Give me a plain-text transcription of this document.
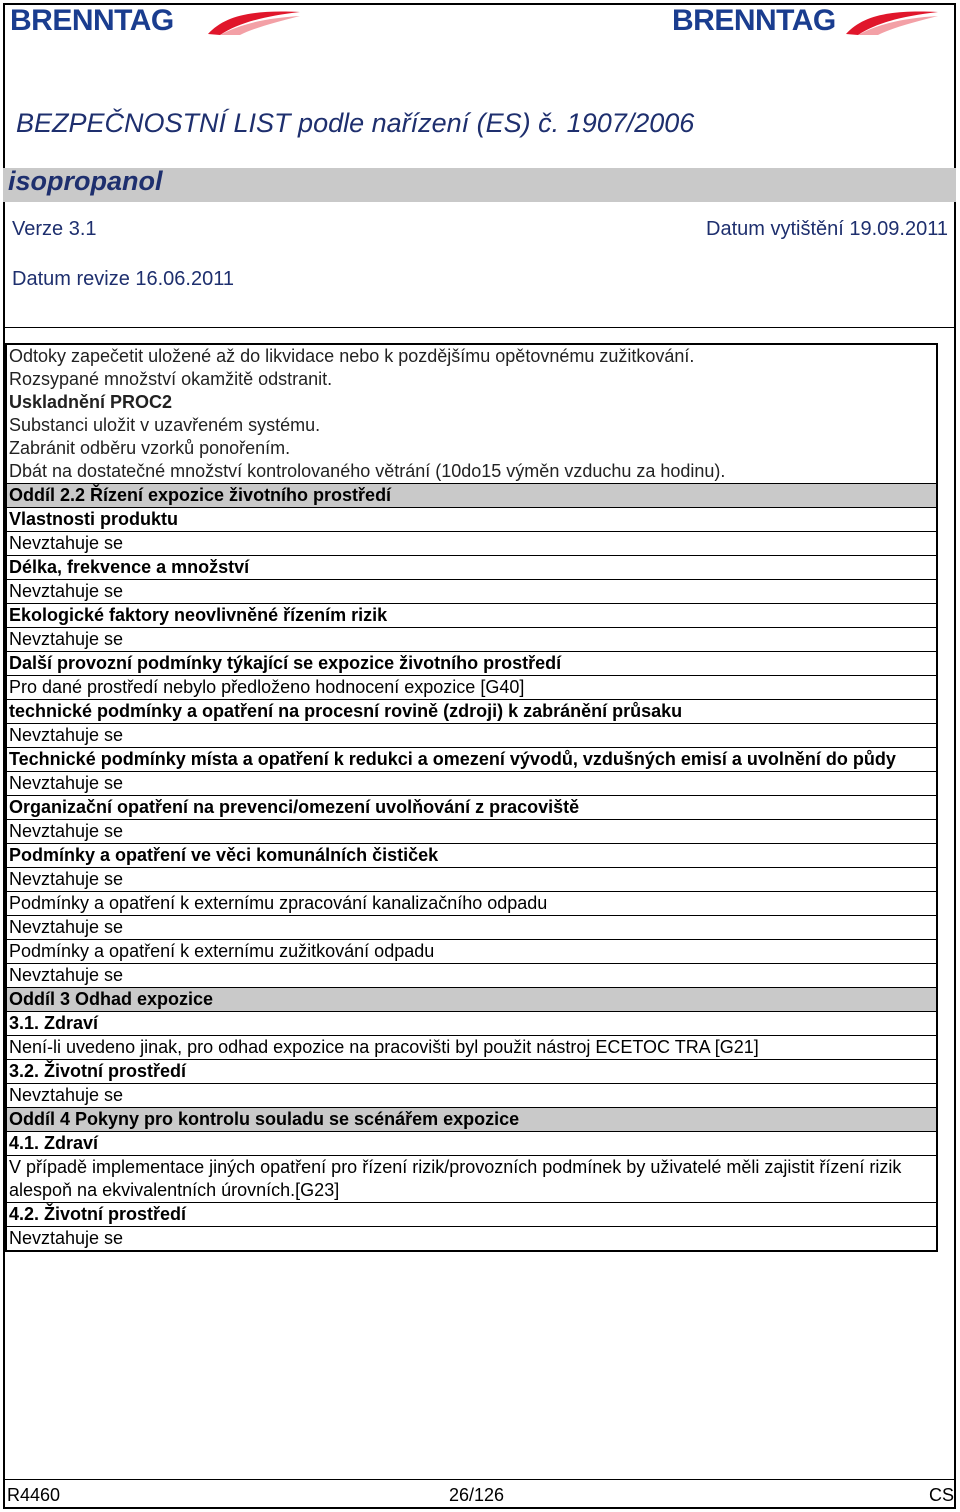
BRENNTAG	BRENNTAG
BEZPEČNOSTNÍ LIST podle nařízení (ES) č. 1907/2006
isopropanol
Verze 3.1	Datum vytištění 19.09.2011
Datum revize 16.06.2011
Odtoky zapečetit uložené až do likvidace nebo k pozdějšímu opětovnému zužitkování.
Rozsypané množství okamžitě odstranit.
Uskladnění PROC2
Substanci uložit v uzavřeném systému.
Zabránit odběru vzorků ponořením.
Dbát na dostatečné množství kontrolovaného větrání (10do15 výměn vzduchu za hodinu).
Oddíl 2.2 Řízení expozice životního prostředí
Vlastnosti produktu
Nevztahuje se
Délka, frekvence a množství
Nevztahuje se
Ekologické faktory neovlivněné řízením rizik
Nevztahuje se
Další provozní podmínky týkající se expozice životního prostředí
Pro dané prostředí nebylo předloženo hodnocení expozice [G40]
technické podmínky a opatření na procesní rovině (zdroji) k zabránění průsaku
Nevztahuje se
Technické podmínky místa a opatření k redukci a omezení vývodů, vzdušných emisí a uvolnění do půdy
Nevztahuje se
Organizační opatření na prevenci/omezení uvolňování z pracoviště
Nevztahuje se
Podmínky a opatření ve věci komunálních čističek
Nevztahuje se
Podmínky a opatření k externímu zpracování kanalizačního odpadu
Nevztahuje se
Podmínky a opatření k externímu zužitkování odpadu
Nevztahuje se
Oddíl 3 Odhad expozice
3.1. Zdraví
Není-li uvedeno jinak, pro odhad expozice na pracovišti byl použit nástroj ECETOC TRA [G21]
3.2. Životní prostředí
Nevztahuje se
Oddíl 4 Pokyny pro kontrolu souladu se scénářem expozice
4.1. Zdraví
V případě implementace jiných opatření pro řízení rizik/provozních podmínek by uživatelé měli zajistit řízení rizik alespoň na ekvivalentních úrovních.[G23]
4.2. Životní prostředí
Nevztahuje se
R4460	26/126	CS
